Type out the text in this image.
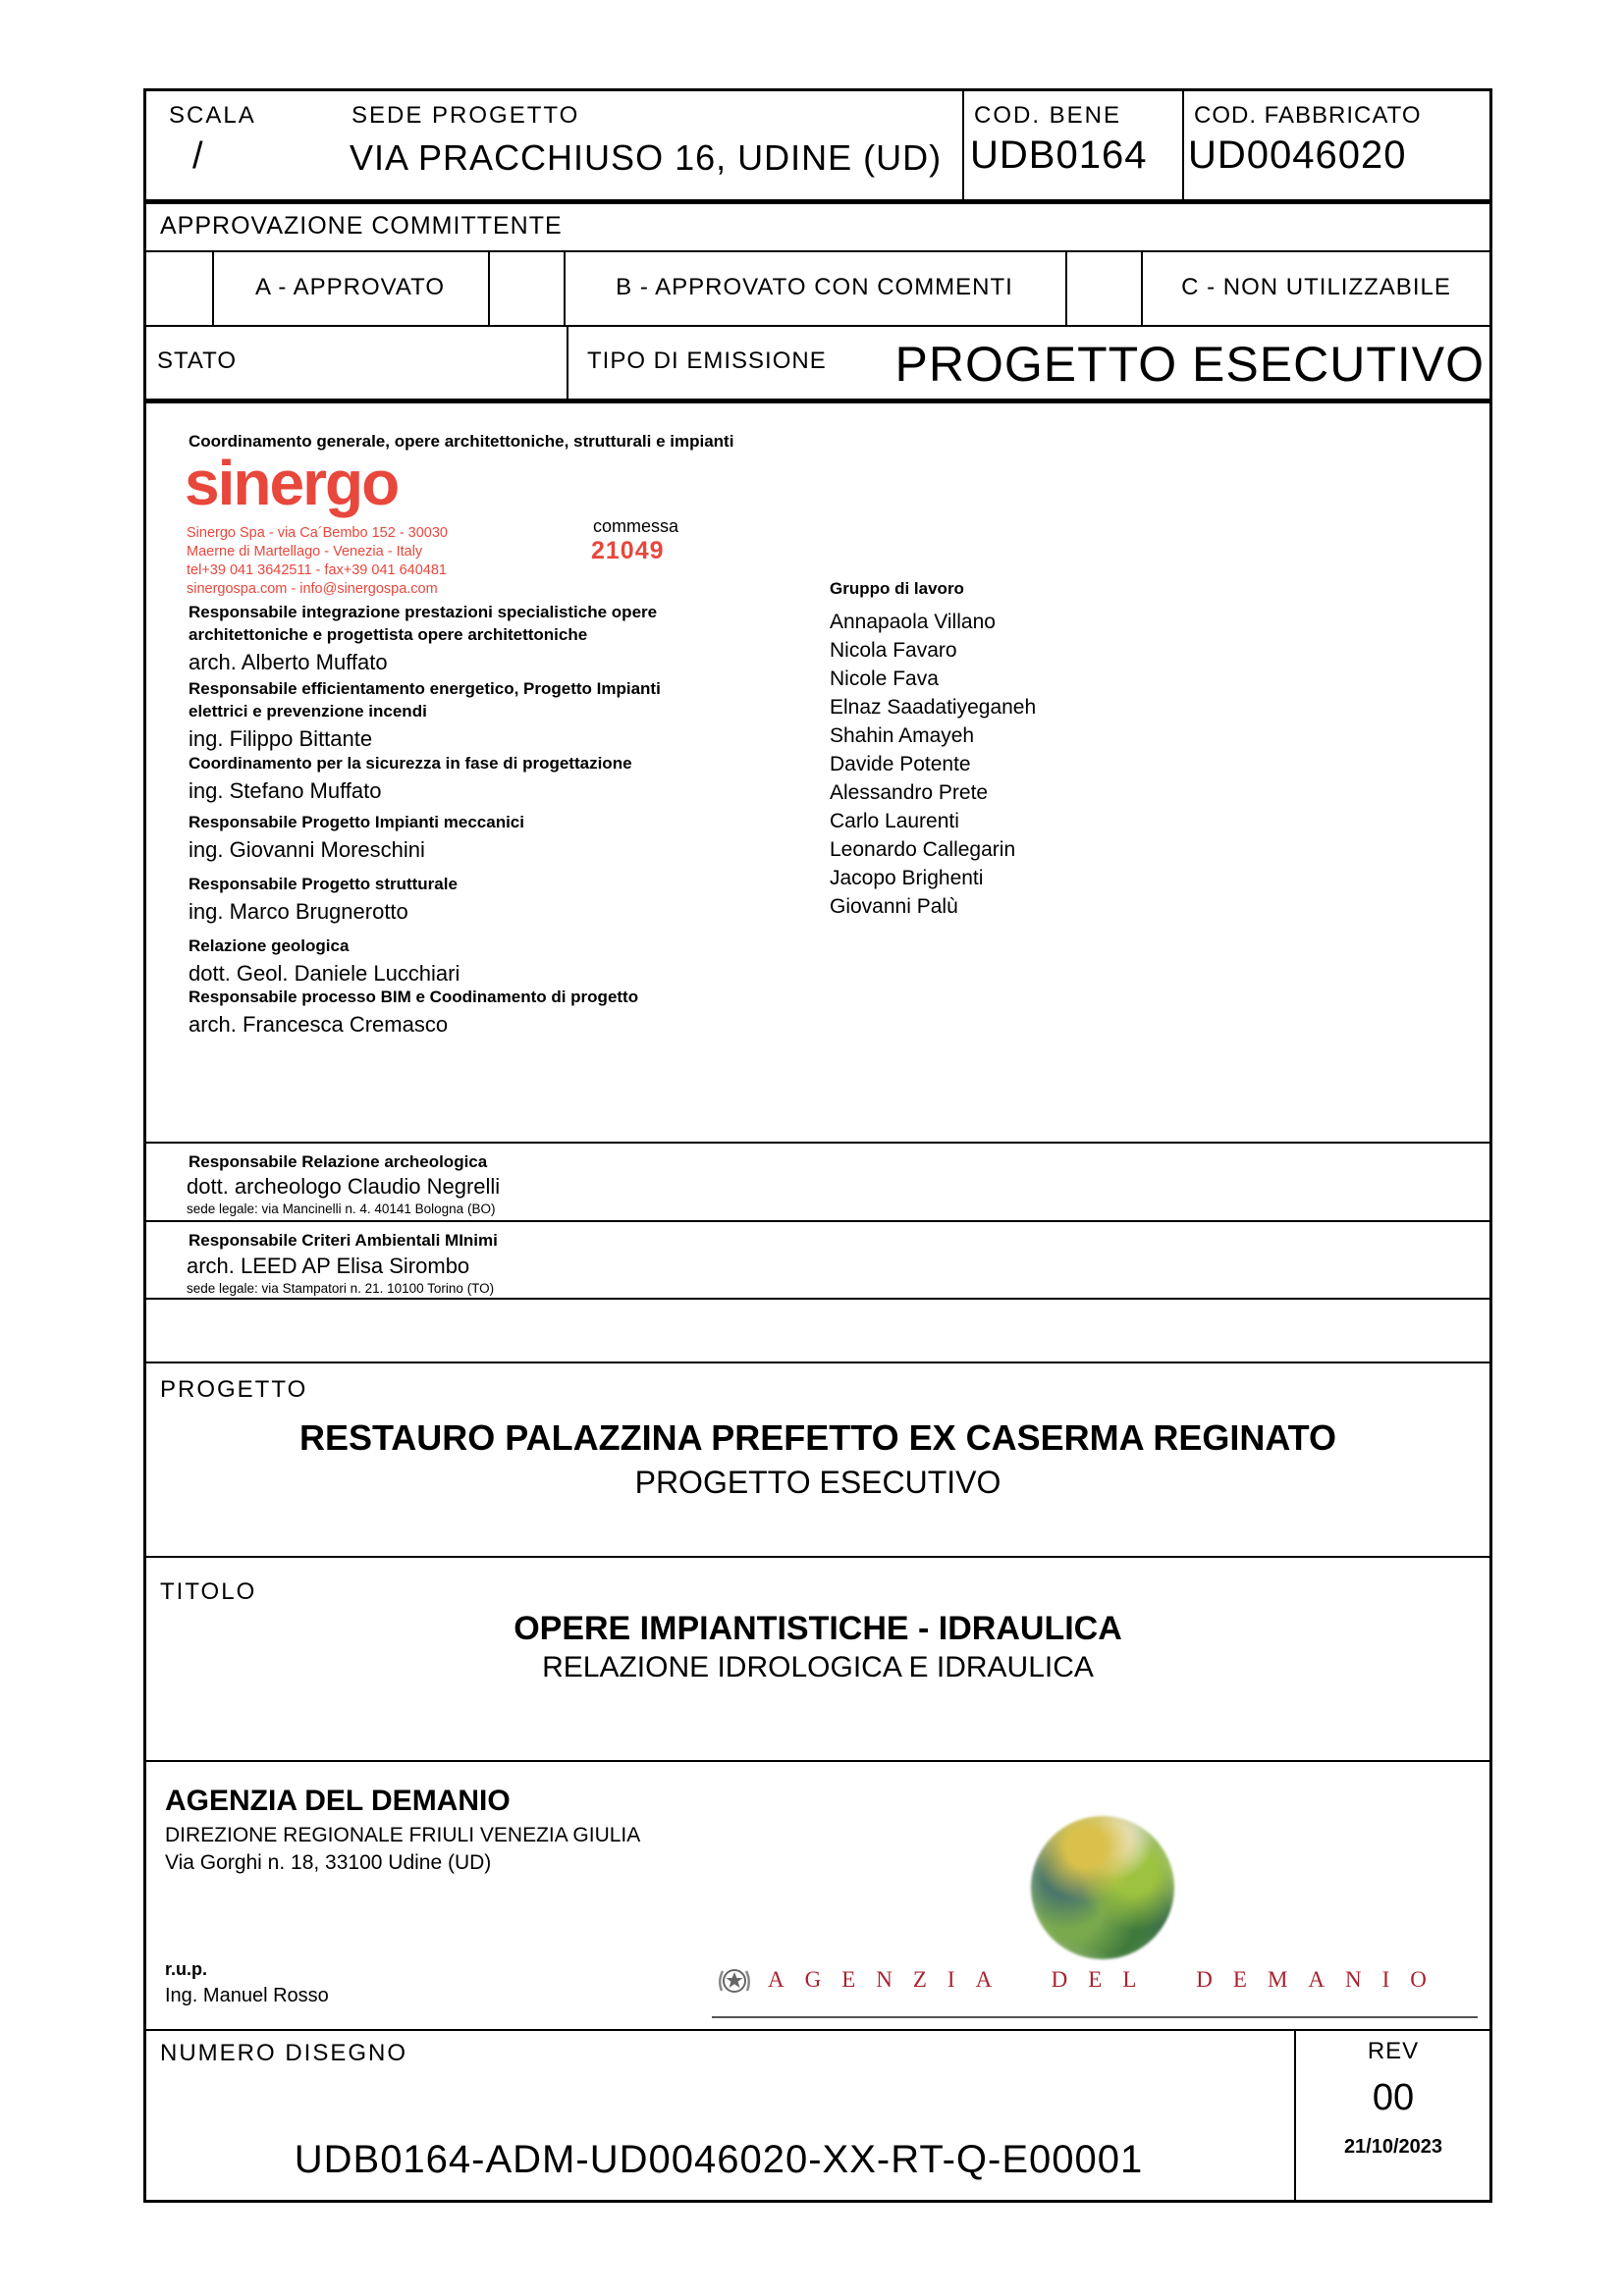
SCALA
/
SEDE PROGETTO
VIA PRACCHIUSO 16, UDINE (UD)
COD. BENE
UDB0164
COD. FABBRICATO
UD0046020
APPROVAZIONE COMMITTENTE
A - APPROVATO	B - APPROVATO CON COMMENTI	C - NON UTILIZZABILE
STATO	TIPO DI EMISSIONE PROGETTO ESECUTIVO
Coordinamento generale, opere architettoniche, strutturali e impianti
sinergo
Sinergo Spa - via Ca´Bembo 152 - 30030
Maerne di Martellago - Venezia - Italy
tel+39 041 3642511 - fax+39 041 640481
sinergospa.com - info@sinergospa.com
commessa
21049
Responsabile integrazione prestazioni specialistiche opere architettoniche e progettista opere architettoniche
arch. Alberto Muffato
Responsabile efficientamento energetico, Progetto Impianti elettrici e prevenzione incendi
ing. Filippo Bittante
Coordinamento per la sicurezza in fase di progettazione
ing. Stefano Muffato
Responsabile Progetto Impianti meccanici
ing. Giovanni Moreschini
Responsabile Progetto strutturale
ing. Marco Brugnerotto
Relazione geologica
dott. Geol. Daniele Lucchiari
Responsabile processo BIM e Coodinamento di progetto
arch. Francesca Cremasco
Gruppo di lavoro
Annapaola Villano
Nicola Favaro
Nicole Fava
Elnaz Saadatiyeganeh
Shahin Amayeh
Davide Potente
Alessandro Prete
Carlo Laurenti
Leonardo Callegarin
Jacopo Brighenti
Giovanni Palù
Responsabile Relazione archeologica
dott. archeologo Claudio Negrelli
sede legale: via Mancinelli n. 4. 40141 Bologna (BO)
Responsabile Criteri Ambientali MInimi
arch. LEED AP Elisa Sirombo
sede legale: via Stampatori n. 21. 10100 Torino (TO)
PROGETTO
RESTAURO PALAZZINA PREFETTO EX CASERMA REGINATO
PROGETTO ESECUTIVO
TITOLO
OPERE IMPIANTISTICHE - IDRAULICA
RELAZIONE IDROLOGICA E IDRAULICA
AGENZIA DEL DEMANIO
DIREZIONE REGIONALE FRIULI VENEZIA GIULIA
Via Gorghi n. 18, 33100 Udine (UD)
r.u.p.
Ing. Manuel Rosso
AGENZIA DEL DEMANIO
NUMERO DISEGNO
UDB0164-ADM-UD0046020-XX-RT-Q-E00001
REV
00
21/10/2023
